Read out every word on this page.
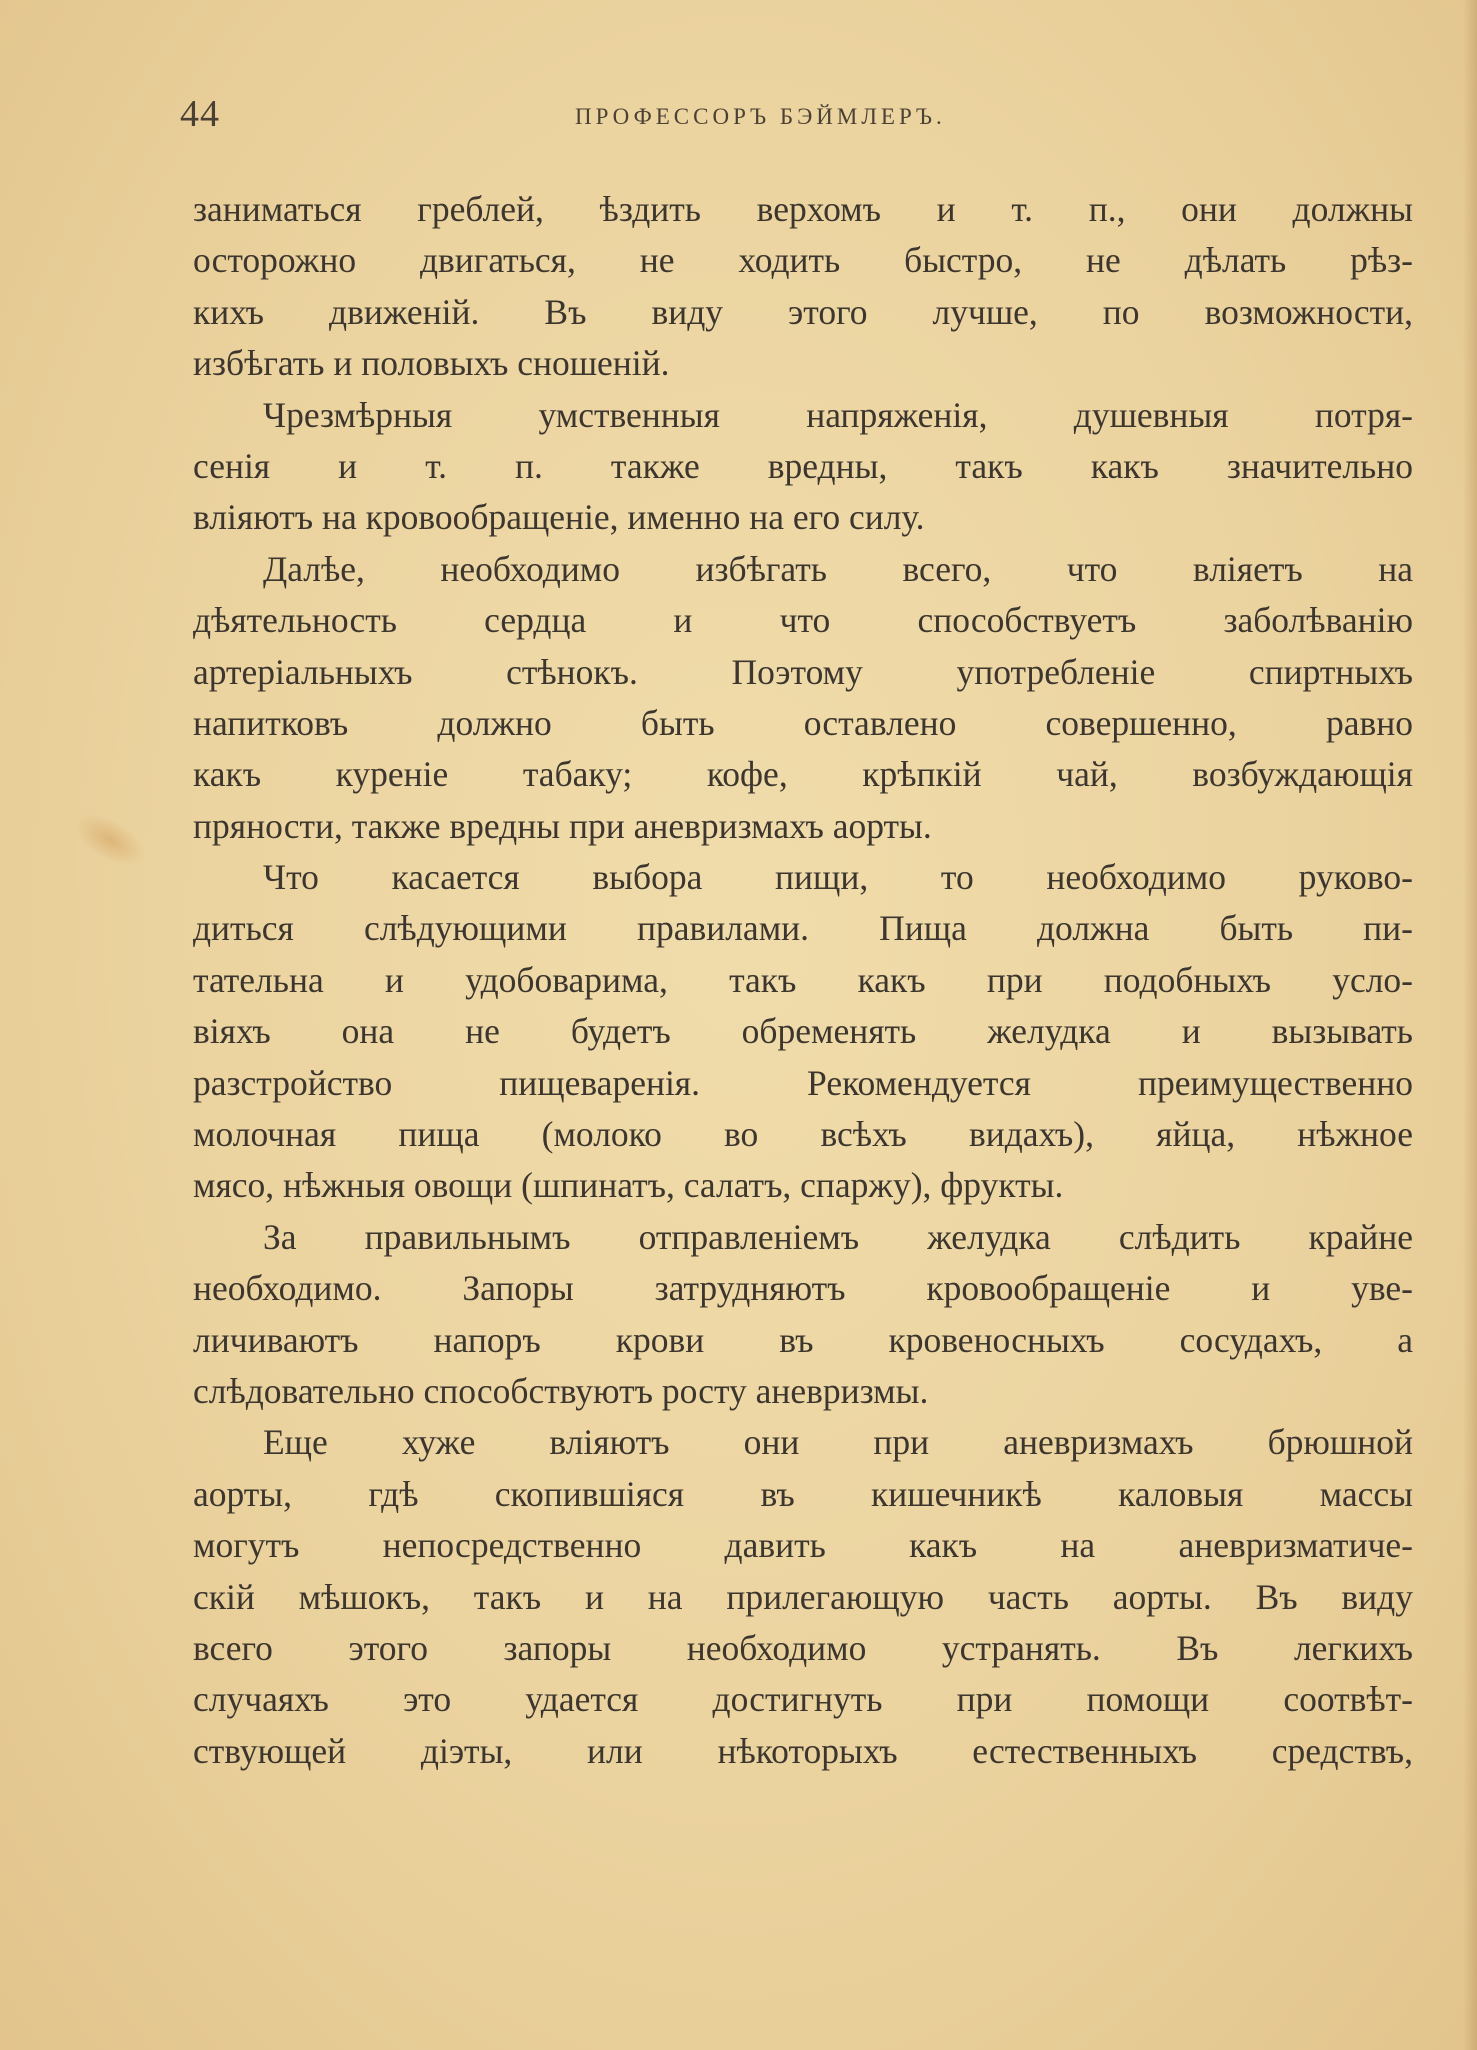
44	ПРОФЕССОРЪ БЭЙМЛЕРЪ.
заниматься греблей, ѣздить верхомъ и т. п., они должны
осторожно двигаться, не ходить быстро, не дѣлать рѣз-
кихъ движеній. Въ виду этого лучше, по возможности,
избѣгать и половыхъ сношеній.
Чрезмѣрныя умственныя напряженія, душевныя потря-
сенія и т. п. также вредны, такъ какъ значительно
вліяютъ на кровообращеніе, именно на его силу.
Далѣе, необходимо избѣгать всего, что вліяетъ на
дѣятельность сердца и что способствуетъ заболѣванію
артеріальныхъ стѣнокъ. Поэтому употребленіе спиртныхъ
напитковъ должно быть оставлено совершенно, равно
какъ куреніе табаку; кофе, крѣпкій чай, возбуждающія
пряности, также вредны при аневризмахъ аорты.
Что касается выбора пищи, то необходимо руково-
диться слѣдующими правилами. Пища должна быть пи-
тательна и удобоварима, такъ какъ при подобныхъ усло-
віяхъ она не будетъ обременять желудка и вызывать
разстройство пищеваренія. Рекомендуется преимущественно
молочная пища (молоко во всѣхъ видахъ), яйца, нѣжное
мясо, нѣжныя овощи (шпинатъ, салатъ, спаржу), фрукты.
За правильнымъ отправленіемъ желудка слѣдить крайне
необходимо. Запоры затрудняютъ кровообращеніе и уве-
личиваютъ напоръ крови въ кровеносныхъ сосудахъ, а
слѣдовательно способствуютъ росту аневризмы.
Еще хуже вліяютъ они при аневризмахъ брюшной
аорты, гдѣ скопившіяся въ кишечникѣ каловыя массы
могутъ непосредственно давить какъ на аневризматиче-
скій мѣшокъ, такъ и на прилегающую часть аорты. Въ виду
всего этого запоры необходимо устранять. Въ легкихъ
случаяхъ это удается достигнуть при помощи соотвѣт-
ствующей діэты, или нѣкоторыхъ естественныхъ средствъ,
